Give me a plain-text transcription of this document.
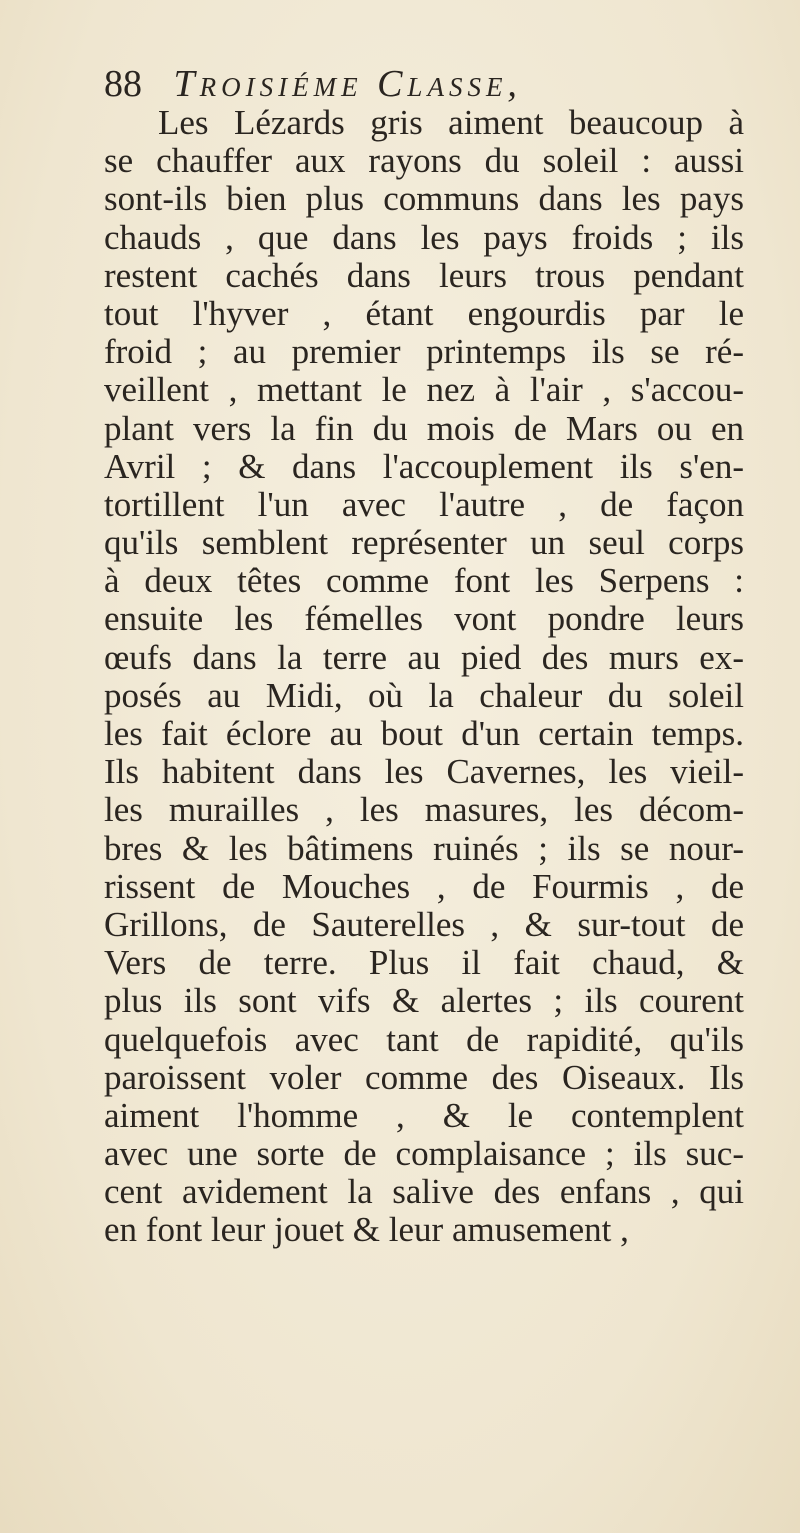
88 Troisiéme Classe,
Les Lézards gris aiment beaucoup à
se chauffer aux rayons du soleil : aussi
sont-ils bien plus communs dans les pays
chauds , que dans les pays froids ; ils
restent cachés dans leurs trous pendant
tout l'hyver , étant engourdis par le
froid ; au premier printemps ils se ré-
veillent , mettant le nez à l'air , s'accou-
plant vers la fin du mois de Mars ou en
Avril ; & dans l'accouplement ils s'en-
tortillent l'un avec l'autre , de façon
qu'ils semblent représenter un seul corps
à deux têtes comme font les Serpens :
ensuite les fémelles vont pondre leurs
œufs dans la terre au pied des murs ex-
posés au Midi, où la chaleur du soleil
les fait éclore au bout d'un certain temps.
Ils habitent dans les Cavernes, les vieil-
les murailles , les masures, les décom-
bres & les bâtimens ruinés ; ils se nour-
rissent de Mouches , de Fourmis , de
Grillons, de Sauterelles , & sur-tout de
Vers de terre. Plus il fait chaud, &
plus ils sont vifs & alertes ; ils courent
quelquefois avec tant de rapidité, qu'ils
paroissent voler comme des Oiseaux. Ils
aiment l'homme , & le contemplent
avec une sorte de complaisance ; ils suc-
cent avidement la salive des enfans , qui
en font leur jouet & leur amusement ,
